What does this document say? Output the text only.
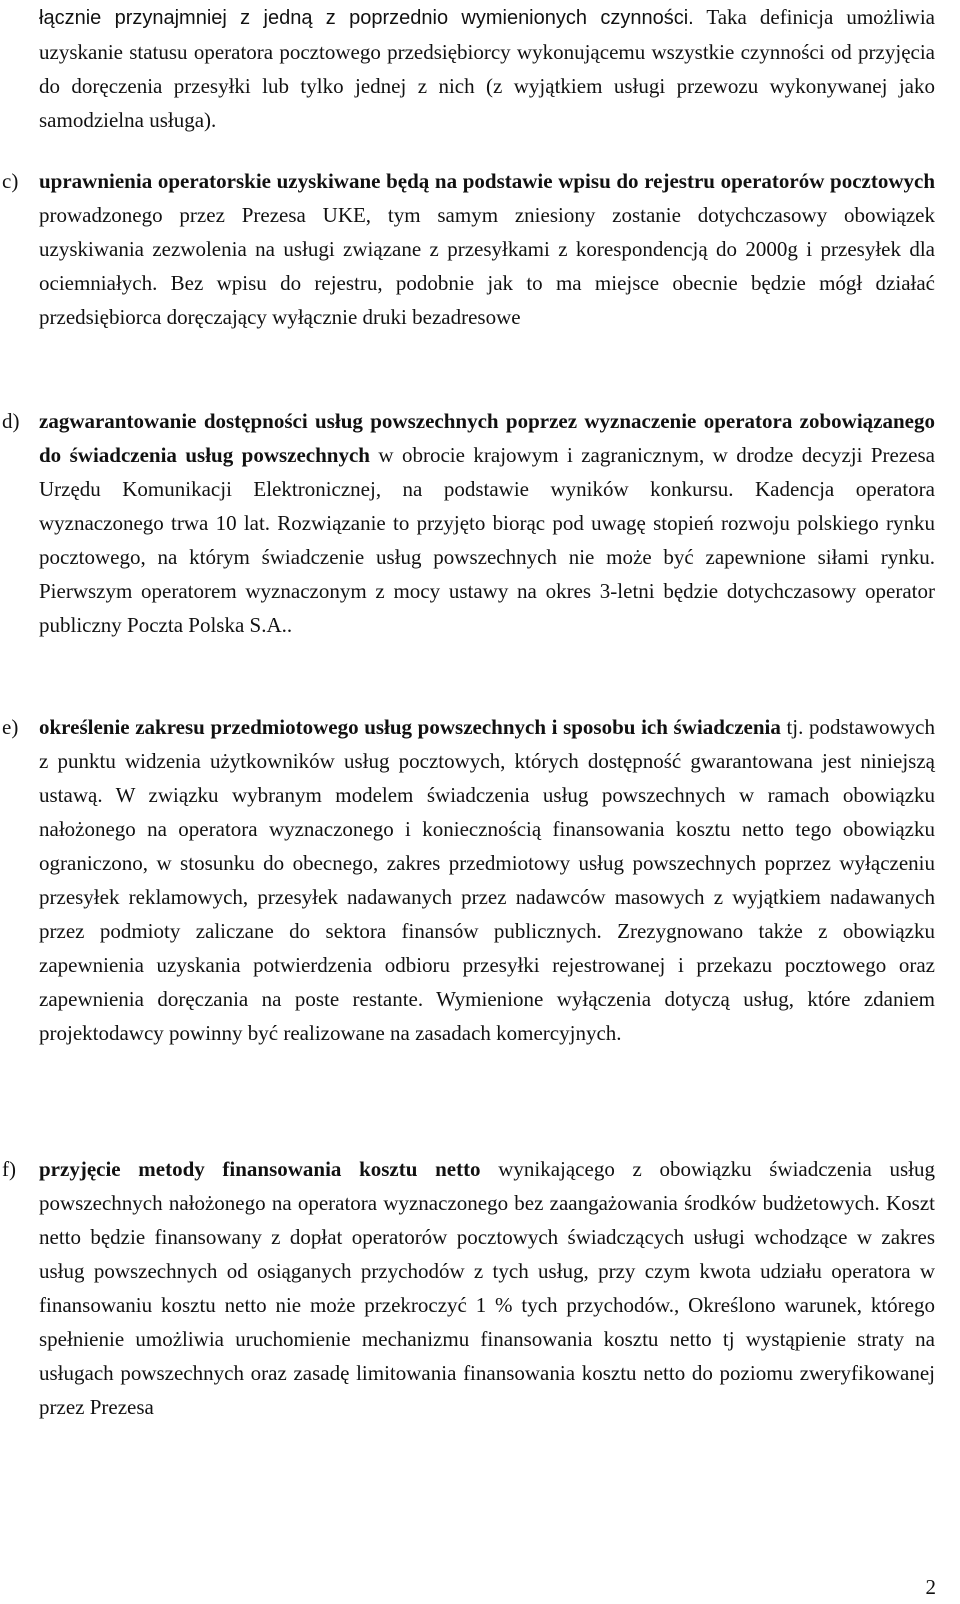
łącznie przynajmniej z jedną z poprzednio wymienionych czynności. Taka definicja umożliwia uzyskanie statusu operatora pocztowego przedsiębiorcy wykonującemu wszystkie czynności od przyjęcia do doręczenia przesyłki lub tylko jednej z nich (z wyjątkiem usługi przewozu wykonywanej jako samodzielna usługa).
c) uprawnienia operatorskie uzyskiwane będą na podstawie wpisu do rejestru operatorów pocztowych prowadzonego przez Prezesa UKE, tym samym zniesiony zostanie dotychczasowy obowiązek uzyskiwania zezwolenia na usługi związane z przesyłkami z korespondencją do 2000g i przesyłek dla ociemniałych. Bez wpisu do rejestru, podobnie jak to ma miejsce obecnie będzie mógł działać przedsiębiorca doręczający wyłącznie druki bezadresowe
d) zagwarantowanie dostępności usług powszechnych poprzez wyznaczenie operatora zobowiązanego do świadczenia usług powszechnych w obrocie krajowym i zagranicznym, w drodze decyzji Prezesa Urzędu Komunikacji Elektronicznej, na podstawie wyników konkursu. Kadencja operatora wyznaczonego trwa 10 lat. Rozwiązanie to przyjęto biorąc pod uwagę stopień rozwoju polskiego rynku pocztowego, na którym świadczenie usług powszechnych nie może być zapewnione siłami rynku. Pierwszym operatorem wyznaczonym z mocy ustawy na okres 3-letni będzie dotychczasowy operator publiczny Poczta Polska S.A..
e) określenie zakresu przedmiotowego usług powszechnych i sposobu ich świadczenia tj. podstawowych z punktu widzenia użytkowników usług pocztowych, których dostępność gwarantowana jest niniejszą ustawą. W związku wybranym modelem świadczenia usług powszechnych w ramach obowiązku nałożonego na operatora wyznaczonego i koniecznością finansowania kosztu netto tego obowiązku ograniczono, w stosunku do obecnego, zakres przedmiotowy usług powszechnych poprzez wyłączeniu przesyłek reklamowych, przesyłek nadawanych przez nadawców masowych z wyjątkiem nadawanych przez podmioty zaliczane do sektora finansów publicznych. Zrezygnowano także z obowiązku zapewnienia uzyskania potwierdzenia odbioru przesyłki rejestrowanej i przekazu pocztowego oraz zapewnienia doręczania na poste restante. Wymienione wyłączenia dotyczą usług, które zdaniem projektodawcy powinny być realizowane na zasadach komercyjnych.
f)	przyjęcie metody finansowania kosztu netto wynikającego z obowiązku świadczenia usług powszechnych nałożonego na operatora wyznaczonego bez zaangażowania środków budżetowych. Koszt netto będzie finansowany z dopłat operatorów pocztowych świadczących usługi wchodzące w zakres usług powszechnych od osiąganych przychodów z tych usług, przy czym kwota udziału operatora w finansowaniu kosztu netto nie może przekroczyć 1 % tych przychodów., Określono warunek, którego spełnienie umożliwia uruchomienie mechanizmu finansowania kosztu netto tj wystąpienie straty na usługach powszechnych oraz zasadę limitowania finansowania kosztu netto do poziomu zweryfikowanej przez Prezesa
2
